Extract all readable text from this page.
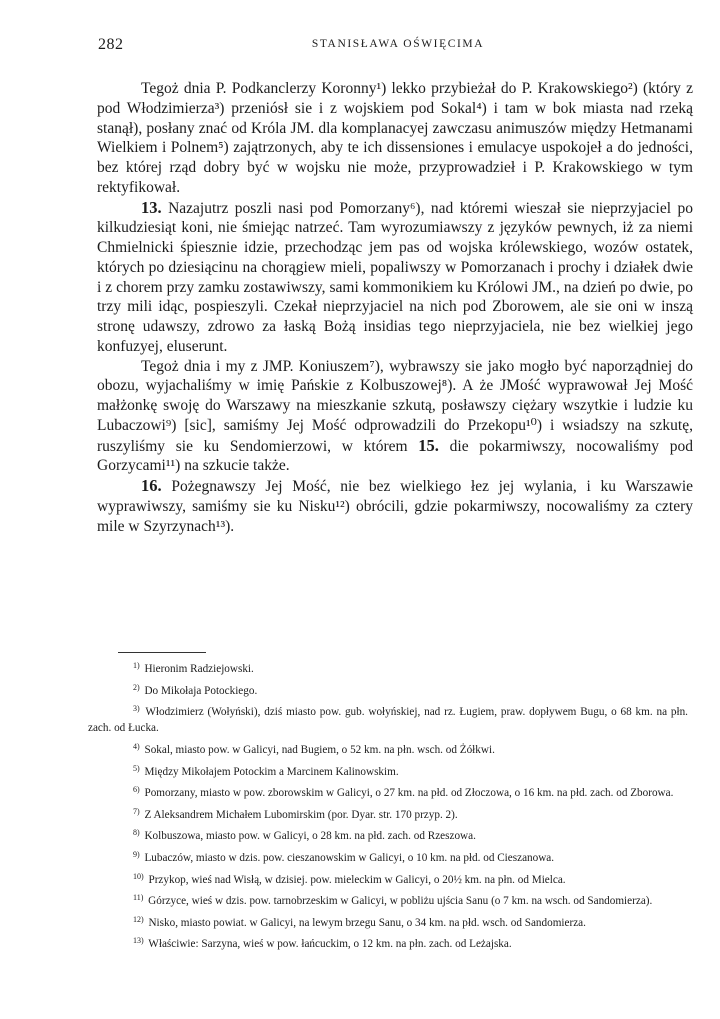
282	STANISŁAWA OŚWIĘCIMA

Tegoż dnia P. Podkanclerzy Koronny¹) lekko przybieżał do P. Krakowskiego²) (który z pod Włodzimierza³) przeniósł sie i z wojskiem pod Sokal⁴) i tam w bok miasta nad rzeką stanął), posłany znać od Króla JM. dla komplanacyej zawczasu animuszów między Hetmanami Wielkiem i Polnem⁵) zajątrzonych, aby te ich dissensiones i emulacye uspokojeł a do jedności, bez której rząd dobry być w wojsku nie może, przyprowadzieł i P. Krakowskiego w tym rektyfikował.

13. Nazajutrz poszli nasi pod Pomorzany⁶), nad któremi wieszał sie nieprzyjaciel po kilkudziesiąt koni, nie śmiejąc natrzeć. Tam wyrozumiawszy z języków pewnych, iż za niemi Chmielnicki śpiesznie idzie, przechodząc jem pas od wojska królewskiego, wozów ostatek, których po dziesiącinu na chorągiew mieli, popaliwszy w Pomorzanach i prochy i działek dwie i z chorem przy zamku zostawiwszy, sami kommonikiem ku Królowi JM., na dzień po dwie, po trzy mili idąc, pospieszyli. Czekał nieprzyjaciel na nich pod Zborowem, ale sie oni w inszą stronę udawszy, zdrowo za łaską Bożą insidias tego nieprzyjaciela, nie bez wielkiej jego konfuzyej, eluserunt.

Tegoż dnia i my z JMP. Koniuszem⁷), wybrawszy sie jako mogło być naporządniej do obozu, wyjachaliśmy w imię Pańskie z Kolbuszowej⁸). A że JMość wyprawował Jej Mość małżonkę swoję do Warszawy na mieszkanie szkutą, posławszy ciężary wszytkie i ludzie ku Lubaczowi⁹) [sic], samiśmy Jej Mość odprowadzili do Przekopu¹⁰) i wsiadszy na szkutę, ruszyliśmy sie ku Sendomierzowi, w którem 15. die pokarmiwszy, nocowaliśmy pod Gorzycami¹¹) na szkucie także.

16. Pożegnawszy Jej Mość, nie bez wielkiego łez jej wylania, i ku Warszawie wyprawiwszy, samiśmy sie ku Nisku¹²) obrócili, gdzie pokarmiwszy, nocowaliśmy za cztery mile w Szyrzynach¹³).

$^{1)}$ Hieronim Radziejowski.

$^{2)}$ Do Mikołaja Potockiego.

$^{3)}$ Włodzimierz (Wołyński), dziś miasto pow. gub. wołyńskiej, nad rz. Ługiem, praw. dopływem Bugu, o 68 km. na płn. zach. od Łucka.

$^{4)}$ Sokal, miasto pow. w Galicyi, nad Bugiem, o 52 km. na płn. wsch. od Żółkwi.

$^{5)}$ Między Mikołajem Potockim a Marcinem Kalinowskim.

$^{6)}$ Pomorzany, miasto w pow. zborowskim w Galicyi, o 27 km. na płd. od Złoczowa, o 16 km. na płd. zach. od Zborowa.

$^{7)}$ Z Aleksandrem Michałem Lubomirskim (por. Dyar. str. 170 przyp. 2).

$^{8)}$ Kolbuszowa, miasto pow. w Galicyi, o 28 km. na płd. zach. od Rzeszowa.

$^{9)}$ Lubaczów, miasto w dzis. pow. cieszanowskim w Galicyi, o 10 km. na płd. od Cieszanowa.

$^{10)}$ Przykop, wieś nad Wisłą, w dzisiej. pow. mieleckim w Galicyi, o 20½ km. na płn. od Mielca.

$^{11)}$ Górzyce, wieś w dzis. pow. tarnobrzeskim w Galicyi, w pobliżu ujścia Sanu (o 7 km. na wsch. od Sandomierza).

$^{12)}$ Nisko, miasto powiat. w Galicyi, na lewym brzegu Sanu, o 34 km. na płd. wsch. od Sandomierza.

$^{13)}$ Właściwie: Sarzyna, wieś w pow. łańcuckim, o 12 km. na płn. zach. od Leżajska.
